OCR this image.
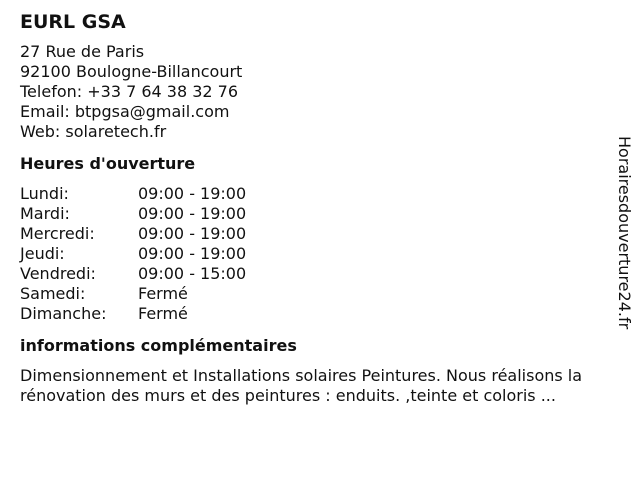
EURL GSA
27 Rue de Paris
92100 Boulogne-Billancourt
Telefon: +33 7 64 38 32 76
Email: btpgsa@gmail.com
Web: solaretech.fr
Heures d'ouverture
Lundi:	09:00 - 19:00
Mardi:	09:00 - 19:00
Mercredi:	09:00 - 19:00
Jeudi:	09:00 - 19:00
Vendredi:	09:00 - 15:00
Samedi:	Fermé
Dimanche:	Fermé
informations complémentaires
Dimensionnement et Installations solaires Peintures. Nous réalisons la rénovation des murs et des peintures : enduits. ,teinte et coloris ...
Horairesdouverture24.fr
